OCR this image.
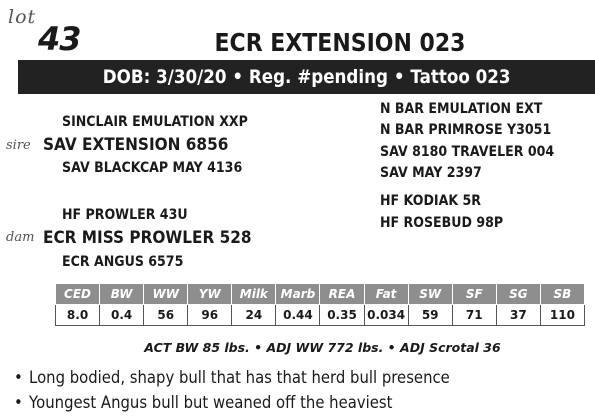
lot
43	ECR EXTENSION 023
DOB: 3/30/20 • Reg. #pending • Tattoo 023
SINCLAIR EMULATION XXP
sire SAV EXTENSION 6856
SAV BLACKCAP MAY 4136
HF PROWLER 43U
dam ECR MISS PROWLER 528
ECR ANGUS 6575
N BAR EMULATION EXT
N BAR PRIMROSE Y3051
SAV 8180 TRAVELER 004
SAV MAY 2397
HF KODIAK 5R
HF ROSEBUD 98P
CED	BW	WW	YW	Milk	Marb	REA	Fat	SW	SF	SG	SB
8.0	0.4	56	96	24	0.44	0.35	0.034	59	71	37	110
ACT BW 85 lbs. • ADJ WW 772 lbs. • ADJ Scrotal 36
• Long bodied, shapy bull that has that herd bull presence
• Youngest Angus bull but weaned off the heaviest
